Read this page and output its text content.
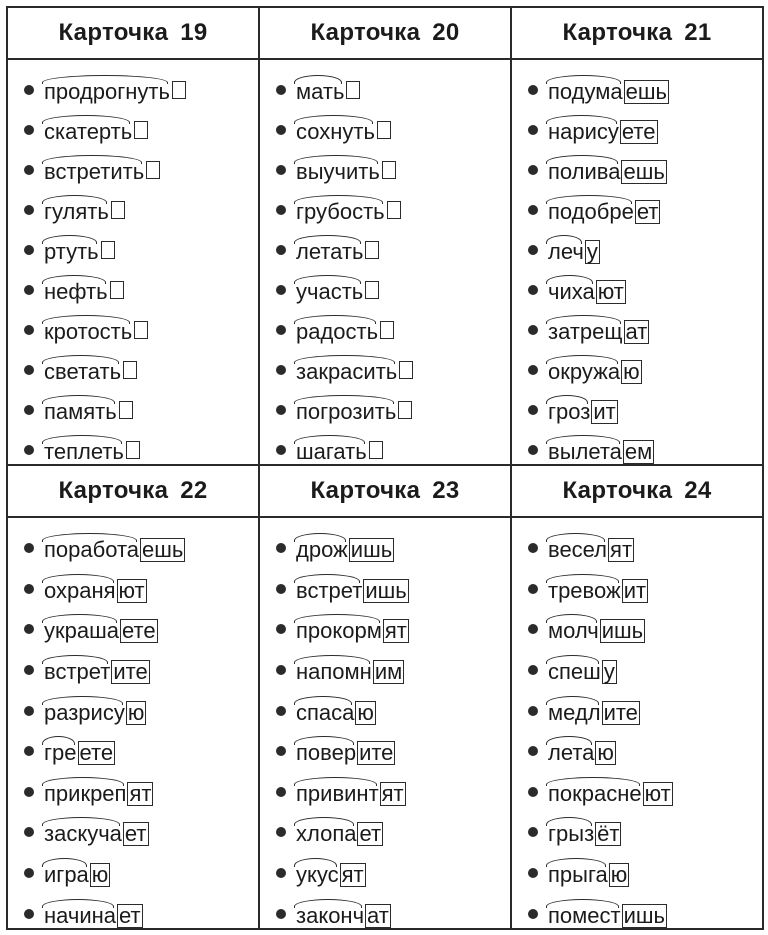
Карточка 19
продрогнуть
скатерть
встретить
гулять
ртуть
нефть
кротость
светать
память
теплеть
Карточка 20
мать
сохнуть
выучить
грубость
летать
участь
радость
закрасить
погрозить
шагать
Карточка 21
подума ешь
нарису ете
полива ешь
подобре ет
леч у
чиха ют
затрещ ат
окружа ю
гроз ит
вылета ем
Карточка 22
поработа ешь
охраня ют
украша ете
встрет ите
разрису ю
гре ете
прикреп ят
заскуча ет
игра ю
начина ет
Карточка 23
дрож ишь
встрет ишь
прокорм ят
напомн им
спаса ю
повер ите
привинт ят
хлопа ет
укус ят
законч ат
Карточка 24
весел ят
тревож ит
молч ишь
спеш у
медл ите
лета ю
покрасне ют
грыз ёт
прыга ю
помест ишь
